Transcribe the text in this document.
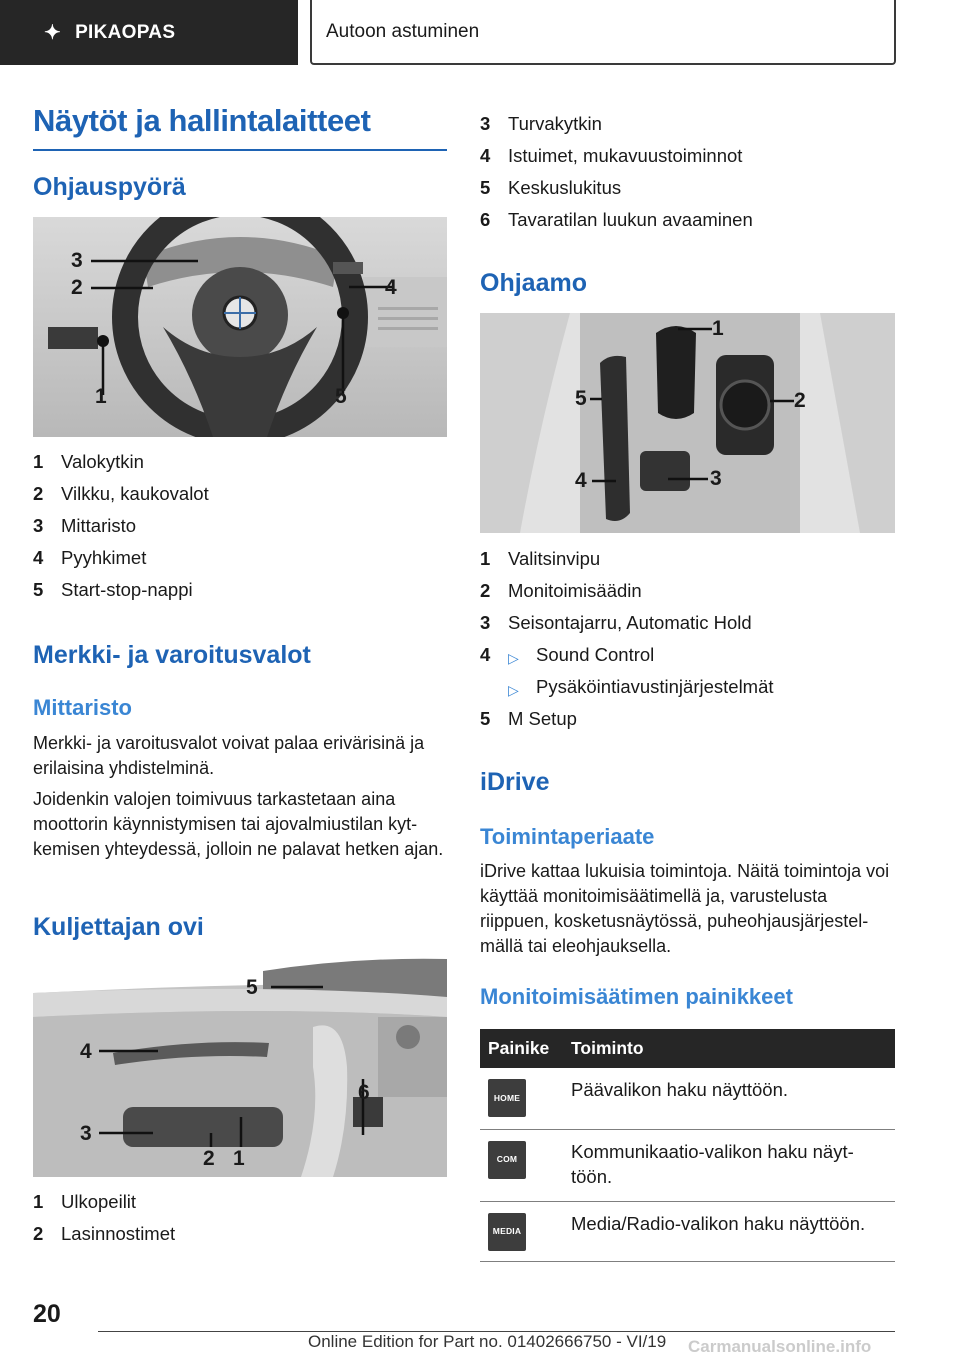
✦ PIKAOPAS	Autoon astuminen
Näytöt ja hallintalaitteet
Ohjauspyörä
3
2	4
1	5
1 Valokytkin
2 Vilkku, kaukovalot
3 Mittaristo
4 Pyyhkimet
5 Start-stop-nappi
Merkki- ja varoitusvalot
Mittaristo
Merkki- ja varoitusvalot voivat palaa erivärisinä ja erilaisina yhdistelminä.
Joidenkin valojen toimivuus tarkastetaan aina moottorin käynnistymisen tai ajovalmiustilan kytkemisen yhteydessä, jolloin ne palavat hetken ajan.
Kuljettajan ovi
5
4
6
3
2 1
1 Ulkopeilit
2 Lasinnostimet
3 Turvakytkin
4 Istuimet, mukavuustoiminnot
5 Keskuslukitus
6 Tavaratilan luukun avaaminen
Ohjaamo
1
5	2
4	3
1 Valitsinvipu
2 Monitoimisäädin
3 Seisontajarru, Automatic Hold
4	▷ Sound Control
▷ Pysäköintiavustinjärjestelmät
5 M Setup
iDrive
Toimintaperiaate
iDrive kattaa lukuisia toimintoja. Näitä toimintoja voi käyttää monitoimisäätimellä ja, varustelusta riippuen, kosketusnäytössä, puheohjausjärjestelmällä tai eleohjauksella.
Monitoimisäätimen painikkeet
Painike	Toiminto

HOME	Päävalikon haku näyttöön.

COM	Kommunikaatio-valikon haku näyttöön.

MEDIA	Media/Radio-valikon haku näyttöön.
20
Online Edition for Part no. 01402666750 - VI/19 Carmanualsonline.info
